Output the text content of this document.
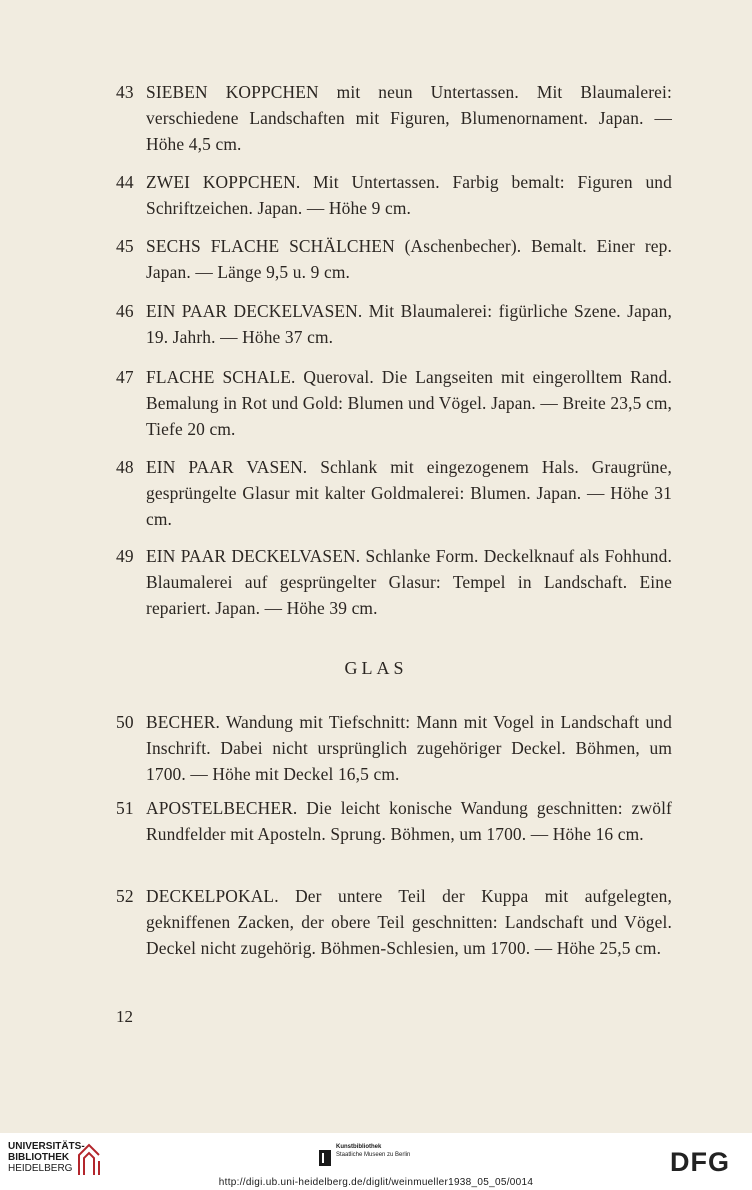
43 SIEBEN KOPPCHEN mit neun Untertassen. Mit Blaumalerei: verschiedene Landschaften mit Figuren, Blumenornament. Japan. — Höhe 4,5 cm.
44 ZWEI KOPPCHEN. Mit Untertassen. Farbig bemalt: Figuren und Schriftzeichen. Japan. — Höhe 9 cm.
45 SECHS FLACHE SCHÄLCHEN (Aschenbecher). Bemalt. Einer rep. Japan. — Länge 9,5 u. 9 cm.
46 EIN PAAR DECKELVASEN. Mit Blaumalerei: figürliche Szene. Japan, 19. Jahrh. — Höhe 37 cm.
47 FLACHE SCHALE. Queroval. Die Langseiten mit eingerolltem Rand. Bemalung in Rot und Gold: Blumen und Vögel. Japan. — Breite 23,5 cm, Tiefe 20 cm.
48 EIN PAAR VASEN. Schlank mit eingezogenem Hals. Graugrüne, gesprüngelte Glasur mit kalter Goldmalerei: Blumen. Japan. — Höhe 31 cm.
49 EIN PAAR DECKELVASEN. Schlanke Form. Deckelknauf als Fohhund. Blaumalerei auf gesprüngelter Glasur: Tempel in Landschaft. Eine repariert. Japan. — Höhe 39 cm.
GLAS
50 BECHER. Wandung mit Tiefschnitt: Mann mit Vogel in Landschaft und Inschrift. Dabei nicht ursprünglich zugehöriger Deckel. Böhmen, um 1700. — Höhe mit Deckel 16,5 cm.
51 APOSTELBECHER. Die leicht konische Wandung geschnitten: zwölf Rundfelder mit Aposteln. Sprung. Böhmen, um 1700. — Höhe 16 cm.
52 DECKELPOKAL. Der untere Teil der Kuppa mit aufgelegten, gekniffenen Zacken, der obere Teil geschnitten: Landschaft und Vögel. Deckel nicht zugehörig. Böhmen-Schlesien, um 1700. — Höhe 25,5 cm.
12
UNIVERSITÄTS-
BIBLIOTHEK
HEIDELBERG
Kunstbibliothek
Staatliche Museen zu Berlin	DFG
http://digi.ub.uni-heidelberg.de/diglit/weinmueller1938_05_05/0014
